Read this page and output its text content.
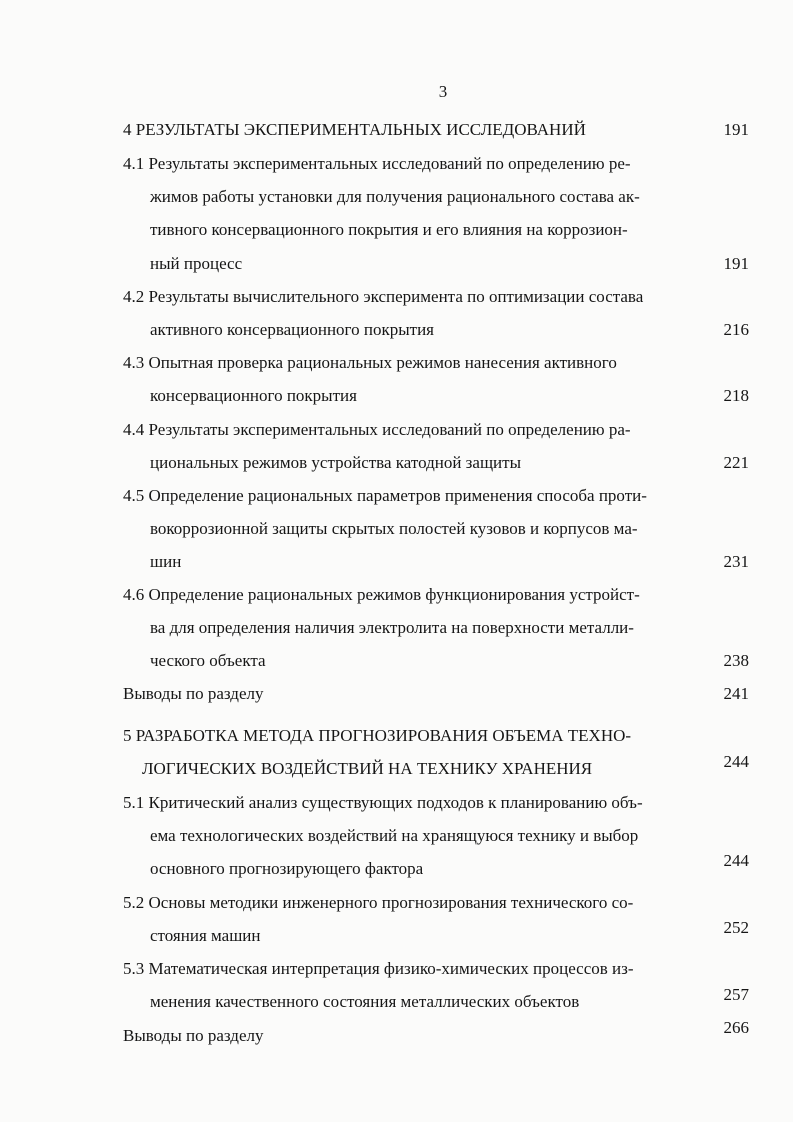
3
4 РЕЗУЛЬТАТЫ ЭКСПЕРИМЕНТАЛЬНЫХ ИССЛЕДОВАНИЙ	191
4.1 Результаты экспериментальных исследований по определению ре-
жимов работы установки для получения рационального состава ак-
тивного консервационного покрытия и его влияния на коррозион-
ный процесс	191
4.2 Результаты вычислительного эксперимента по оптимизации состава
активного консервационного покрытия	216
4.3 Опытная проверка рациональных режимов нанесения активного
консервационного покрытия	218
4.4 Результаты экспериментальных исследований по определению ра-
циональных режимов устройства катодной защиты	221
4.5 Определение рациональных параметров применения способа проти-
вокоррозионной защиты скрытых полостей кузовов и корпусов ма-
шин	231
4.6 Определение рациональных режимов функционирования устройст-
ва для определения наличия электролита на поверхности металли-
ческого объекта	238
Выводы по разделу	241
5 РАЗРАБОТКА МЕТОДА ПРОГНОЗИРОВАНИЯ ОБЪЕМА ТЕХНО-
ЛОГИЧЕСКИХ ВОЗДЕЙСТВИЙ НА ТЕХНИКУ ХРАНЕНИЯ	244
5.1 Критический анализ существующих подходов к планированию объ-
ема технологических воздействий на хранящуюся технику и выбор
основного прогнозирующего фактора	244
5.2 Основы методики инженерного прогнозирования технического со-
стояния машин	252
5.3 Математическая интерпретация физико-химических процессов из-
менения качественного состояния металлических объектов	257
Выводы по разделу	266
